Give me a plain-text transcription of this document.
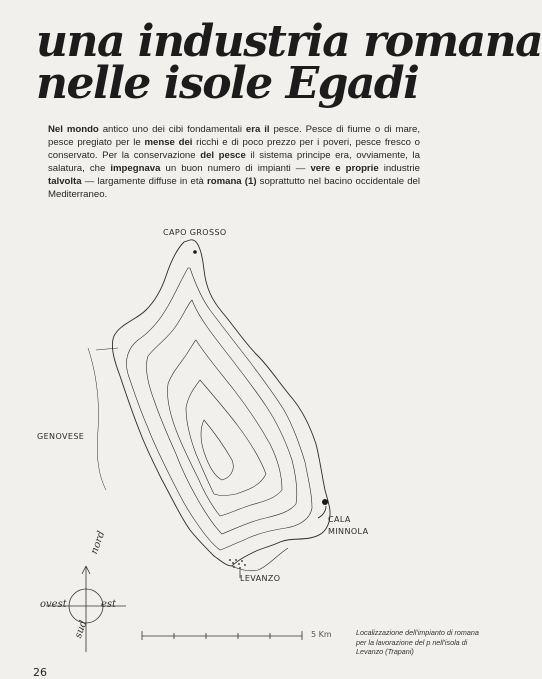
una industria romana
nelle isole Egadi

Nel mondo antico uno dei cibi fondamentali era il pesce. Pesce di fiume o di mare, pesce pregiato per le mense dei ricchi e di poco prezzo per i poveri, pesce fresco o conservato. Per la conservazione del pesce il sistema principe era, ovviamente, la salatura, che impegnava un buon numero di impianti — vere e proprie industrie talvolta — largamente diffuse in età romana (1) soprattutto nel bacino occidentale del Mediterraneo.

CAPO GROSSO
GENOVESE
CALA
MINNOLA
LEVANZO
nord
est
sud
ovest
5 Km	Localizzazione dell'impianto di romana per la lavorazione del p nell'isola di Levanzo (Trapani)

26
